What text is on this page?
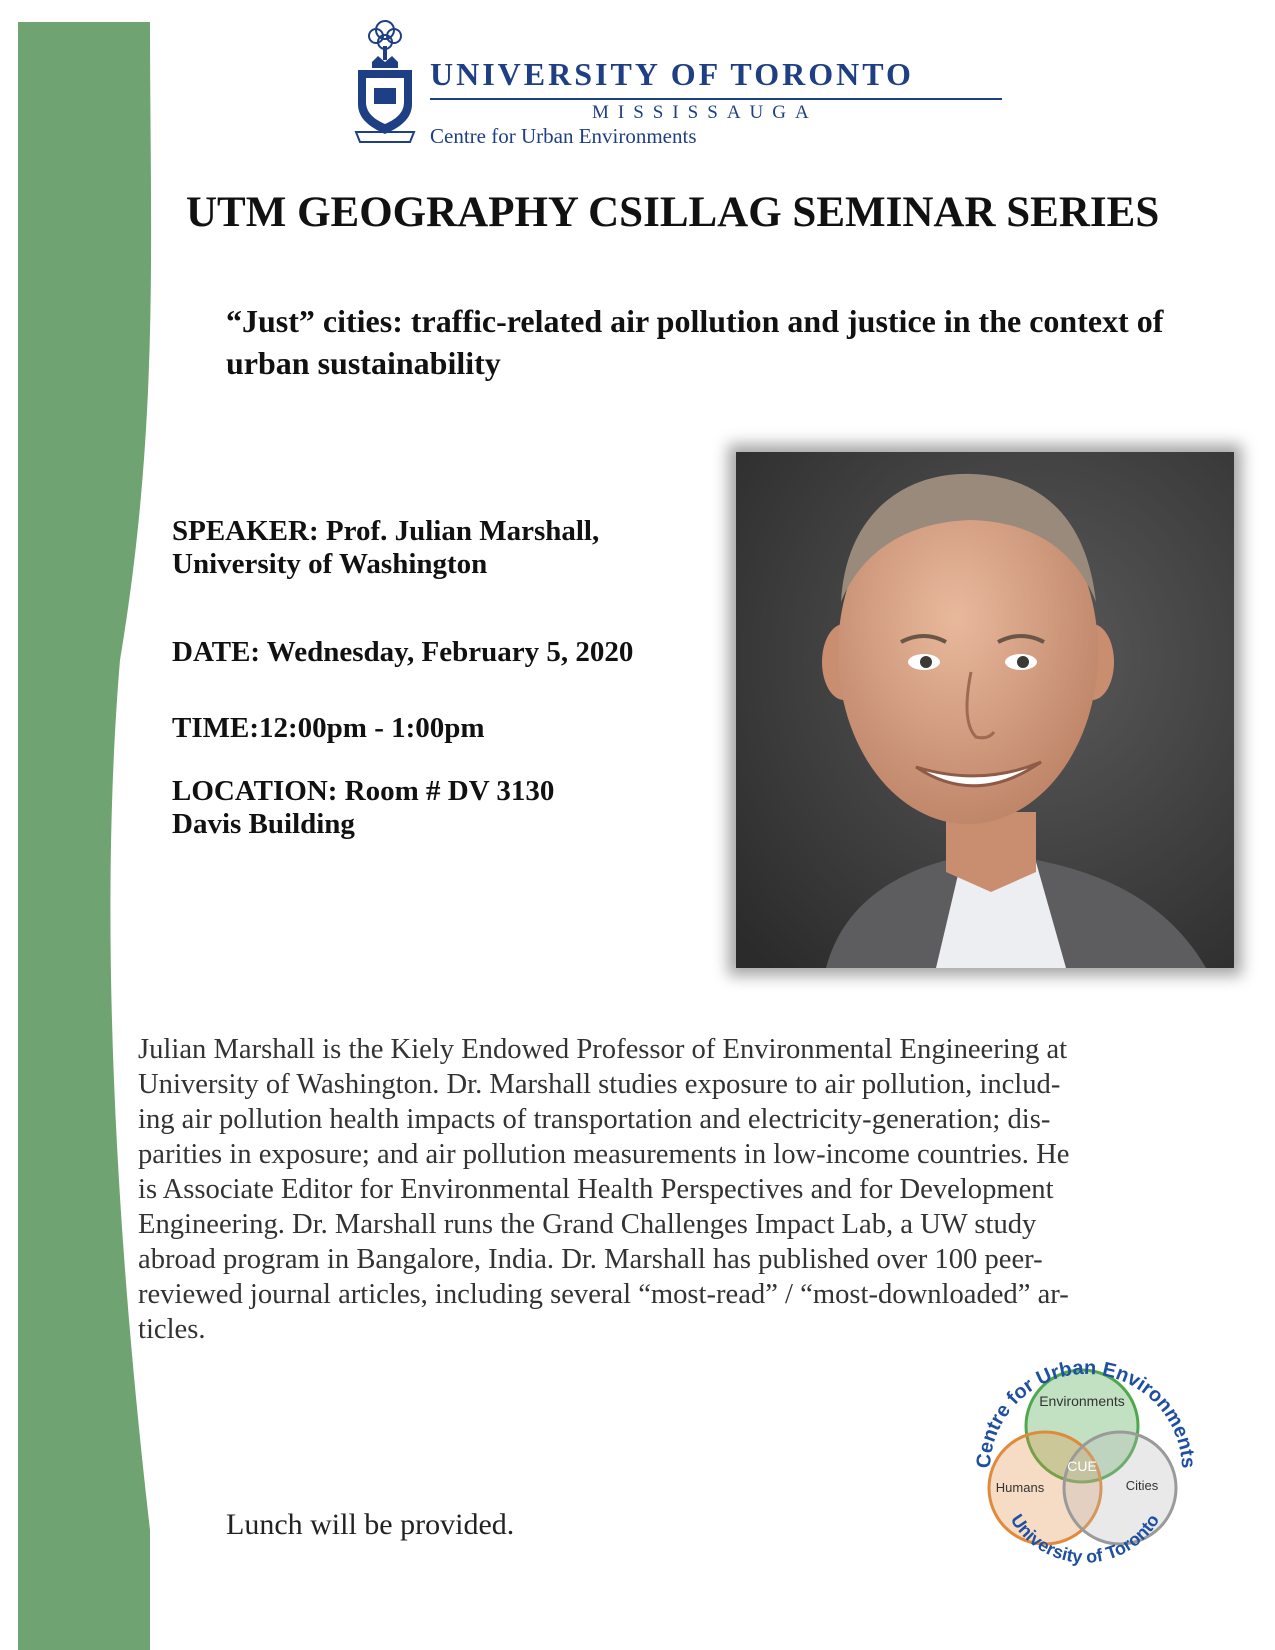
UNIVERSITY OF TORONTO
MISSISSAUGA
Centre for Urban Environments
UTM GEOGRAPHY CSILLAG SEMINAR SERIES
“Just” cities: traffic-related air pollution and justice in the context of urban sustainability
SPEAKER: Prof. Julian Marshall,
University of Washington
DATE: Wednesday, February 5, 2020
TIME:12:00pm - 1:00pm
LOCATION: Room # DV 3130
Davis Building
Julian Marshall is the Kiely Endowed Professor of Environmental Engineering at
University of Washington. Dr. Marshall studies exposure to air pollution, includ-
ing air pollution health impacts of transportation and electricity-generation; dis-
parities in exposure; and air pollution measurements in low-income countries. He
is Associate Editor for Environmental Health Perspectives and for Development
Engineering. Dr. Marshall runs the Grand Challenges Impact Lab, a UW study
abroad program in Bangalore, India. Dr. Marshall has published over 100 peer-
reviewed journal articles, including several “most-read” / “most-downloaded” ar-
ticles.
Lunch will be provided.
Centre for Urban Environments
University of Toronto
Environments
Humans	Cities
CUE
